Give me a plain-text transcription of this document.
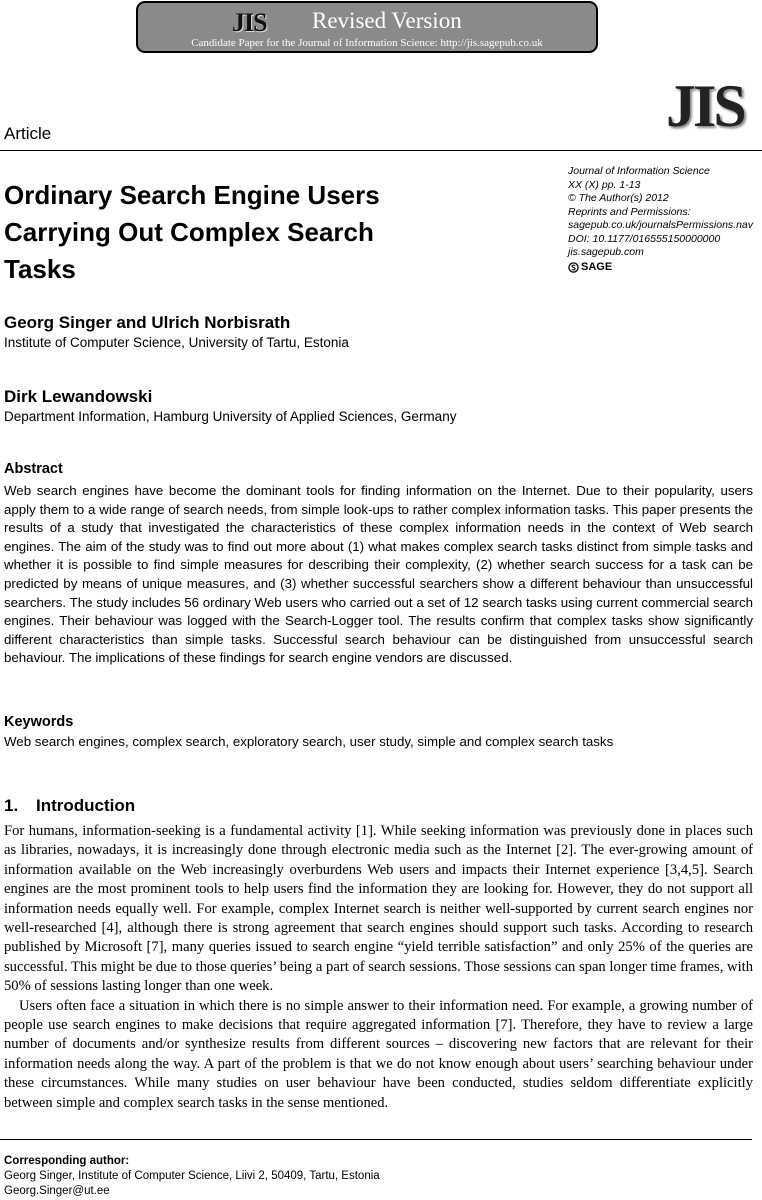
JIS Revised Version
Candidate Paper for the Journal of Information Science: http://jis.sagepub.co.uk
JIS
Article
Ordinary Search Engine Users Carrying Out Complex Search Tasks
Journal of Information Science
XX (X) pp. 1-13
© The Author(s) 2012
Reprints and Permissions:
sagepub.co.uk/journalsPermissions.nav
DOI: 10.1177/016555150000000
jis.sagepub.com
SAGE
Georg Singer and Ulrich Norbisrath
Institute of Computer Science, University of Tartu, Estonia
Dirk Lewandowski
Department Information, Hamburg University of Applied Sciences, Germany
Abstract
Web search engines have become the dominant tools for finding information on the Internet. Due to their popularity, users apply them to a wide range of search needs, from simple look-ups to rather complex information tasks. This paper presents the results of a study that investigated the characteristics of these complex information needs in the context of Web search engines. The aim of the study was to find out more about (1) what makes complex search tasks distinct from simple tasks and whether it is possible to find simple measures for describing their complexity, (2) whether search success for a task can be predicted by means of unique measures, and (3) whether successful searchers show a different behaviour than unsuccessful searchers. The study includes 56 ordinary Web users who carried out a set of 12 search tasks using current commercial search engines. Their behaviour was logged with the Search-Logger tool. The results confirm that complex tasks show significantly different characteristics than simple tasks. Successful search behaviour can be distinguished from unsuccessful search behaviour. The implications of these findings for search engine vendors are discussed.
Keywords
Web search engines, complex search, exploratory search, user study, simple and complex search tasks
1. Introduction

For humans, information-seeking is a fundamental activity [1]. While seeking information was previously done in places such as libraries, nowadays, it is increasingly done through electronic media such as the Internet [2]. The ever-growing amount of information available on the Web increasingly overburdens Web users and impacts their Internet experience [3,4,5]. Search engines are the most prominent tools to help users find the information they are looking for. However, they do not support all information needs equally well. For example, complex Internet search is neither well-supported by current search engines nor well-researched [4], although there is strong agreement that search engines should support such tasks. According to research published by Microsoft [7], many queries issued to search engine “yield terrible satisfaction” and only 25% of the queries are successful. This might be due to those queries’ being a part of search sessions. Those sessions can span longer time frames, with 50% of sessions lasting longer than one week.

Users often face a situation in which there is no simple answer to their information need. For example, a growing number of people use search engines to make decisions that require aggregated information [7]. Therefore, they have to review a large number of documents and/or synthesize results from different sources – discovering new factors that are relevant for their information needs along the way. A part of the problem is that we do not know enough about users’ searching behaviour under these circumstances. While many studies on user behaviour have been conducted, studies seldom differentiate explicitly between simple and complex search tasks in the sense mentioned.

Corresponding author:
Georg Singer, Institute of Computer Science, Liivi 2, 50409, Tartu, Estonia
Georg.Singer@ut.ee
